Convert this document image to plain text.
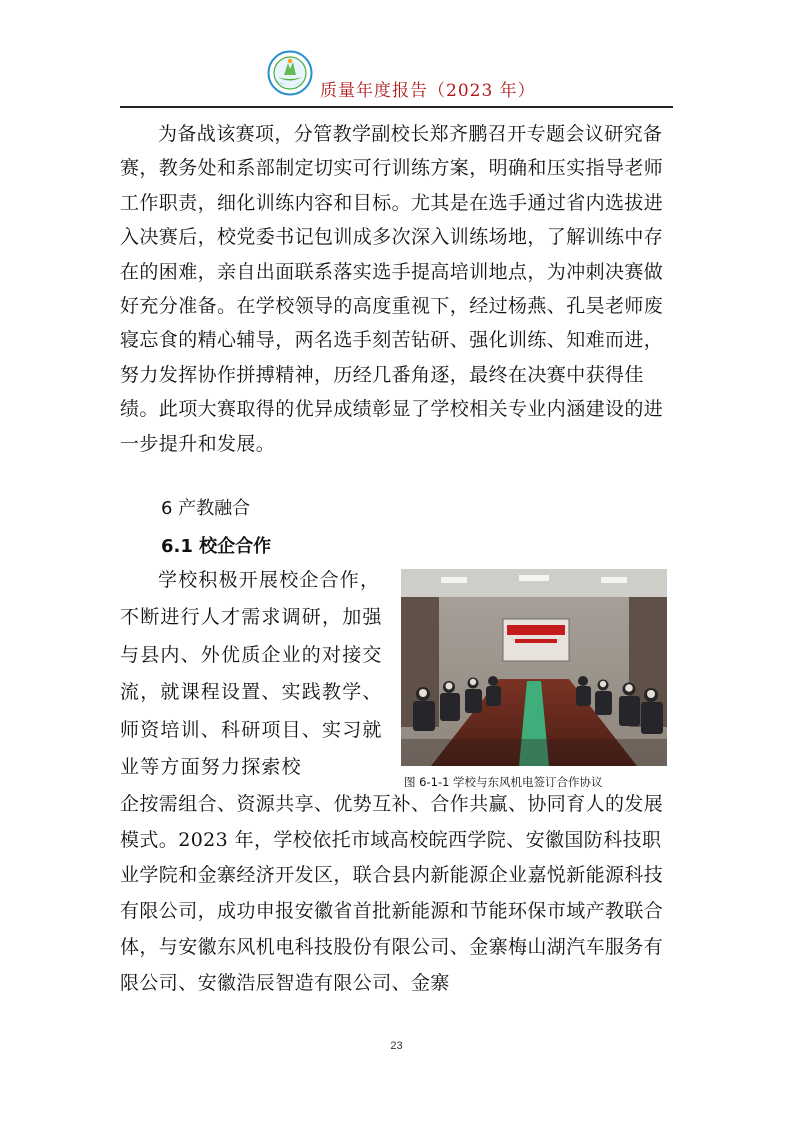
质量年度报告（2023 年）

为备战该赛项，分管教学副校长郑齐鹏召开专题会议研究备赛，教务处和系部制定切实可行训练方案，明确和压实指导老师工作职责，细化训练内容和目标。尤其是在选手通过省内选拔进入决赛后，校党委书记包训成多次深入训练场地，了解训练中存在的困难，亲自出面联系落实选手提高培训地点，为冲刺决赛做好充分准备。在学校领导的高度重视下，经过杨燕、孔昊老师废寝忘食的精心辅导，两名选手刻苦钻研、强化训练、知难而进，努力发挥协作拼搏精神，历经几番角逐，最终在决赛中获得佳绩。此项大赛取得的优异成绩彰显了学校相关专业内涵建设的进一步提升和发展。

6 产教融合
6.1 校企合作

学校积极开展校企合作，不断进行人才需求调研，加强与县内、外优质企业的对接交流，就课程设置、实践教学、师资培训、科研项目、实习就业等方面努力探索校

图 6-1-1 学校与东风机电签订合作协议

企按需组合、资源共享、优势互补、合作共赢、协同育人的发展模式。2023 年，学校依托市域高校皖西学院、安徽国防科技职业学院和金寨经济开发区，联合县内新能源企业嘉悦新能源科技有限公司，成功申报安徽省首批新能源和节能环保市域产教联合体，与安徽东风机电科技股份有限公司、金寨梅山湖汽车服务有限公司、安徽浩辰智造有限公司、金寨

23
